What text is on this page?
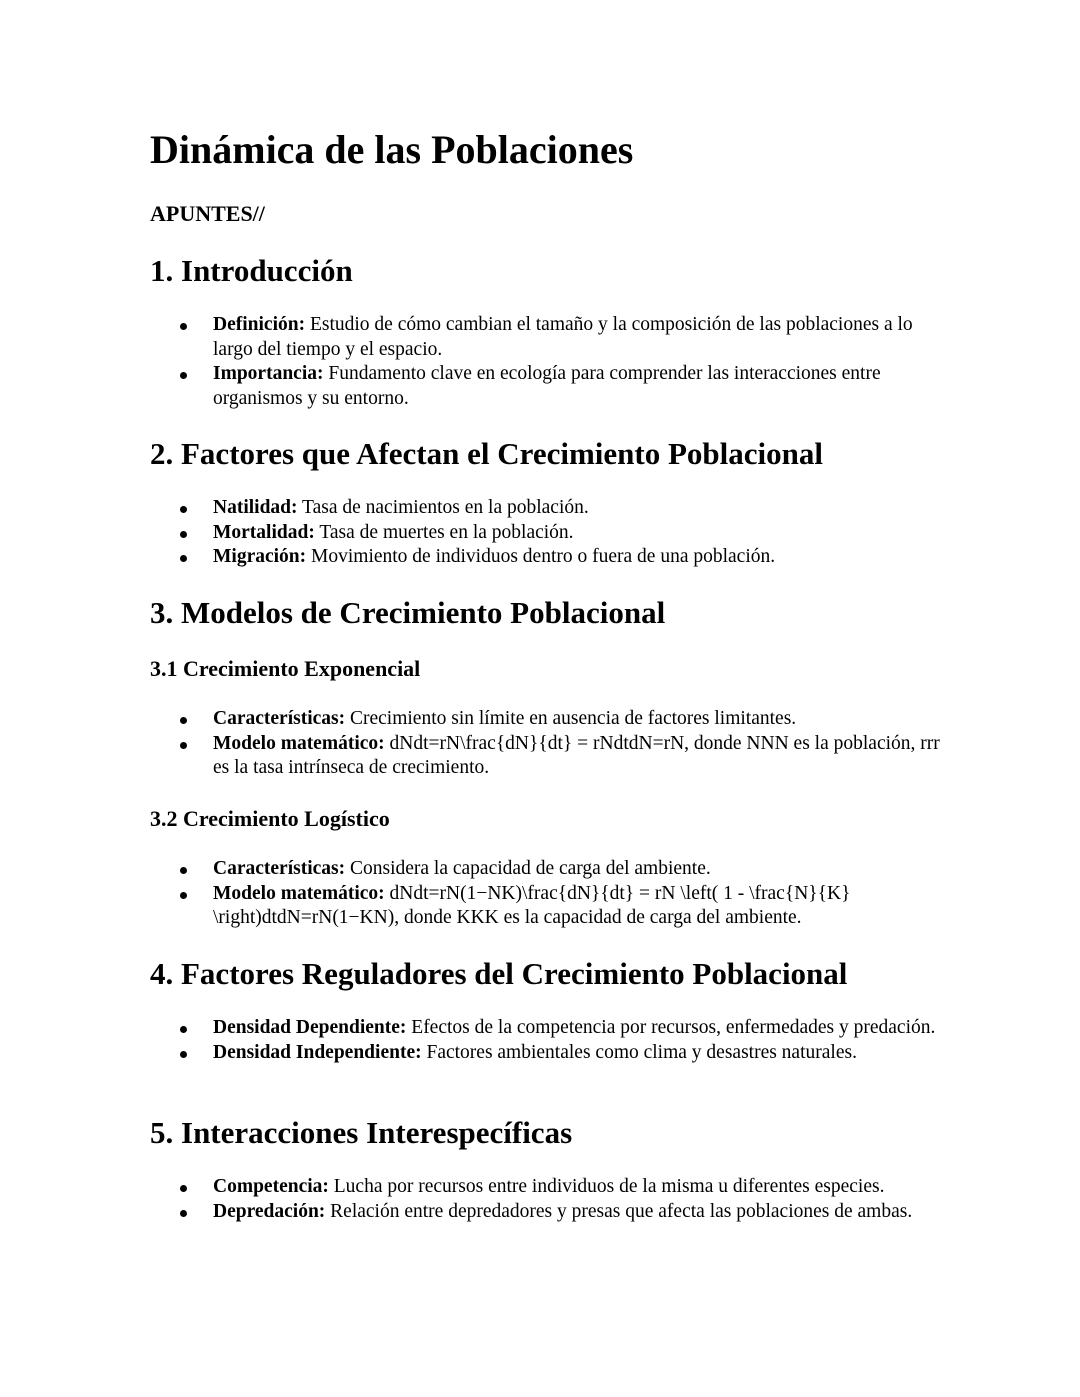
Dinámica de las Poblaciones

APUNTES//

1. Introducción
Definición: Estudio de cómo cambian el tamaño y la composición de las poblaciones a lo largo del tiempo y el espacio.
Importancia: Fundamento clave en ecología para comprender las interacciones entre organismos y su entorno.
2. Factores que Afectan el Crecimiento Poblacional
Natilidad: Tasa de nacimientos en la población.
Mortalidad: Tasa de muertes en la población.
Migración: Movimiento de individuos dentro o fuera de una población.
3. Modelos de Crecimiento Poblacional
3.1 Crecimiento Exponencial
Características: Crecimiento sin límite en ausencia de factores limitantes.
Modelo matemático: dNdt=rN\frac{dN}{dt} = rNdtdN=rN, donde NNN es la población, rrr es la tasa intrínseca de crecimiento.
3.2 Crecimiento Logístico
Características: Considera la capacidad de carga del ambiente.
Modelo matemático: dNdt=rN(1−NK)\frac{dN}{dt} = rN \left( 1 - \frac{N}{K} \right)dtdN=rN(1−KN), donde KKK es la capacidad de carga del ambiente.
4. Factores Reguladores del Crecimiento Poblacional
Densidad Dependiente: Efectos de la competencia por recursos, enfermedades y predación.
Densidad Independiente: Factores ambientales como clima y desastres naturales.
5. Interacciones Interespecíficas
Competencia: Lucha por recursos entre individuos de la misma u diferentes especies.
Depredación: Relación entre depredadores y presas que afecta las poblaciones de ambas.
